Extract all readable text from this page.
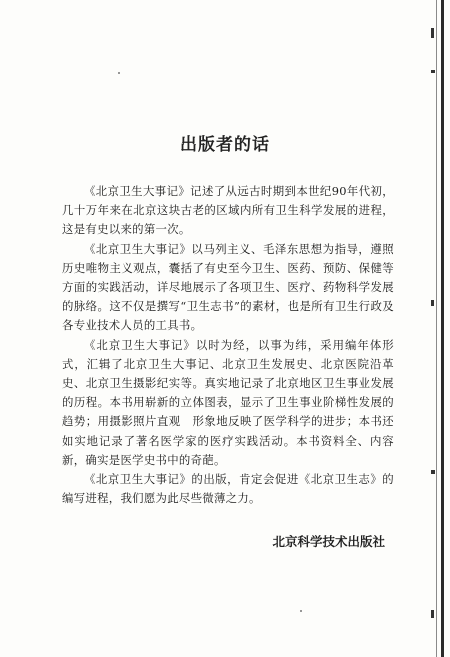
出版者的话

《北京卫生大事记》记述了从远古时期到本世纪90年代初，几十万年来在北京这块古老的区域内所有卫生科学发展的进程，这是有史以来的第一次。

《北京卫生大事记》以马列主义、毛泽东思想为指导，遵照历史唯物主义观点，囊括了有史至今卫生、医药、预防、保健等方面的实践活动，详尽地展示了各项卫生、医疗、药物科学发展的脉络。这不仅是撰写“卫生志书”的素材，也是所有卫生行政及各专业技术人员的工具书。

《北京卫生大事记》以时为经，以事为纬，采用编年体形式，汇辑了北京卫生大事记、北京卫生发展史、北京医院沿革史、北京卫生摄影纪实等。真实地记录了北京地区卫生事业发展的历程。本书用崭新的立体图表，显示了卫生事业阶梯性发展的趋势；用摄影照片直观　形象地反映了医学科学的进步；本书还如实地记录了著名医学家的医疗实践活动。本书资料全、内容新，确实是医学史书中的奇葩。

《北京卫生大事记》的出版，肯定会促进《北京卫生志》的编写进程，我们愿为此尽些微薄之力。

北京科学技术出版社
